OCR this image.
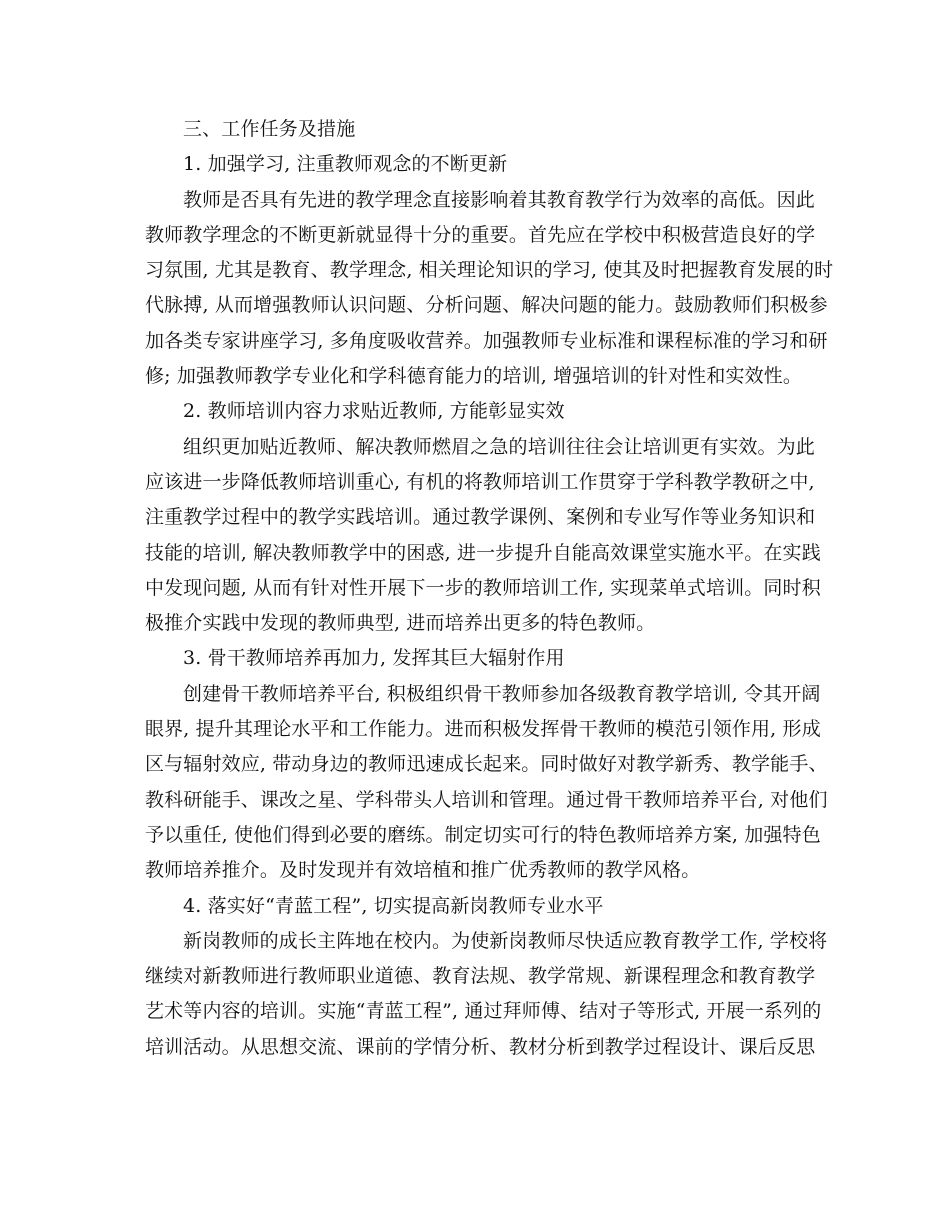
三、工作任务及措施
1. 加强学习, 注重教师观念的不断更新
教师是否具有先进的教学理念直接影响着其教育教学行为效率的高低。因此
教师教学理念的不断更新就显得十分的重要。首先应在学校中积极营造良好的学
习氛围, 尤其是教育、教学理念, 相关理论知识的学习, 使其及时把握教育发展的时
代脉搏, 从而增强教师认识问题、分析问题、解决问题的能力。鼓励教师们积极参
加各类专家讲座学习, 多角度吸收营养。加强教师专业标准和课程标准的学习和研
修; 加强教师教学专业化和学科德育能力的培训, 增强培训的针对性和实效性。
2. 教师培训内容力求贴近教师, 方能彰显实效
组织更加贴近教师、解决教师燃眉之急的培训往往会让培训更有实效。为此
应该进一步降低教师培训重心, 有机的将教师培训工作贯穿于学科教学教研之中,
注重教学过程中的教学实践培训。通过教学课例、案例和专业写作等业务知识和
技能的培训, 解决教师教学中的困惑, 进一步提升自能高效课堂实施水平。在实践
中发现问题, 从而有针对性开展下一步的教师培训工作, 实现菜单式培训。同时积
极推介实践中发现的教师典型, 进而培养出更多的特色教师。
3. 骨干教师培养再加力, 发挥其巨大辐射作用
创建骨干教师培养平台, 积极组织骨干教师参加各级教育教学培训, 令其开阔
眼界, 提升其理论水平和工作能力。进而积极发挥骨干教师的模范引领作用, 形成
区与辐射效应, 带动身边的教师迅速成长起来。同时做好对教学新秀、教学能手、
教科研能手、课改之星、学科带头人培训和管理。通过骨干教师培养平台, 对他们
予以重任, 使他们得到必要的磨练。制定切实可行的特色教师培养方案, 加强特色
教师培养推介。及时发现并有效培植和推广优秀教师的教学风格。
4. 落实好“青蓝工程”, 切实提高新岗教师专业水平
新岗教师的成长主阵地在校内。为使新岗教师尽快适应教育教学工作, 学校将
继续对新教师进行教师职业道德、教育法规、教学常规、新课程理念和教育教学
艺术等内容的培训。实施“青蓝工程”, 通过拜师傅、结对子等形式, 开展一系列的
培训活动。从思想交流、课前的学情分析、教材分析到教学过程设计、课后反思
